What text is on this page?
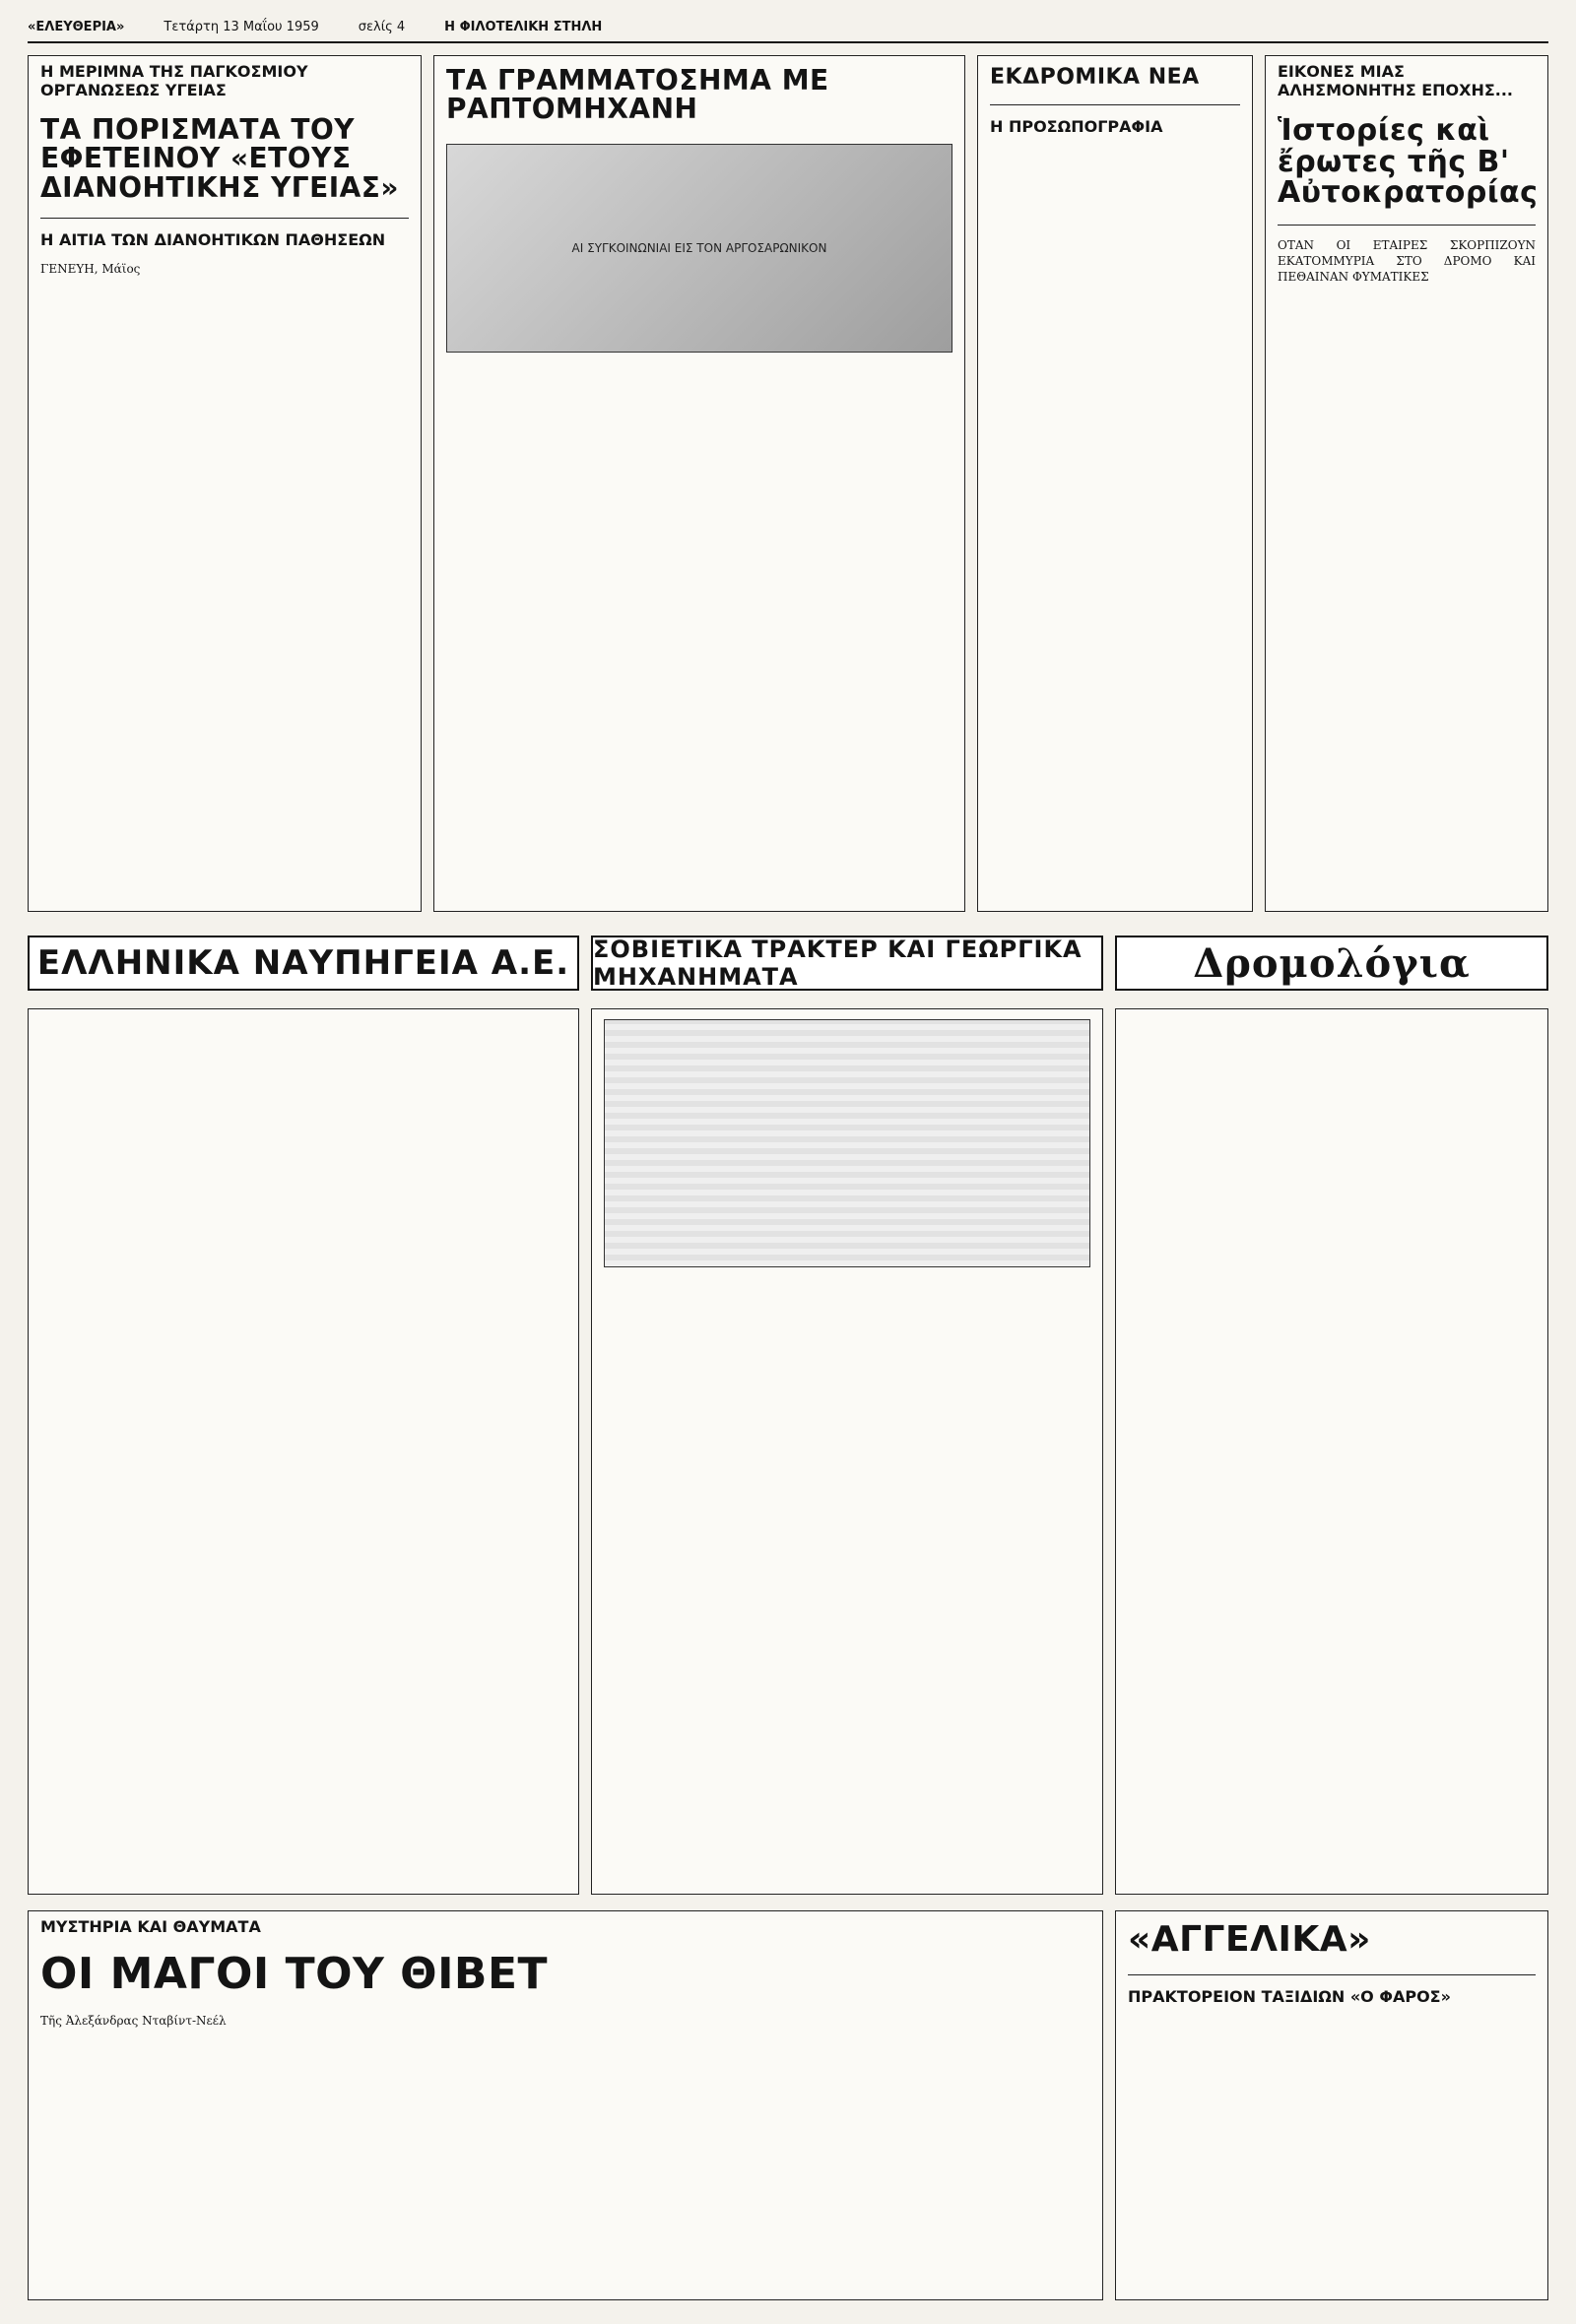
«ΕΛΕΥΘΕΡΙΑ»	Τετάρτη 13 Μαΐου 1959	σελίς 4	Η ΦΙΛΟΤΕΛΙΚΗ ΣΤΗΛΗ
Η ΜΕΡΙΜΝΑ ΤΗΣ ΠΑΓΚΟΣΜΙΟΥ ΟΡΓΑΝΩΣΕΩΣ ΥΓΕΙΑΣ
ΤΑ ΠΟΡΙΣΜΑΤΑ ΤΟΥ ΕΦΕΤΕΙΝΟΥ «ΕΤΟΥΣ ΔΙΑΝΟΗΤΙΚΗΣ ΥΓΕΙΑΣ»
Η ΑΙΤΙΑ ΤΩΝ ΔΙΑΝΟΗΤΙΚΩΝ ΠΑΘΗΣΕΩΝ

ΓΕΝΕΥΗ, Μάϊος

ΤΑ ΓΡΑΜΜΑΤΟΣΗΜΑ ΜΕ ΡΑΠΤΟΜΗΧΑΝΗ
ΑΙ ΣΥΓΚΟΙΝΩΝΙΑΙ ΕΙΣ ΤΟΝ ΑΡΓΟΣΑΡΩΝΙΚΟΝ
ΕΚΔΡΟΜΙΚΑ ΝΕΑ
Η ΠΡΟΣΩΠΟΓΡΑΦΙΑ
ΕΙΚΟΝΕΣ ΜΙΑΣ ΑΛΗΣΜΟΝΗΤΗΣ ΕΠΟΧΗΣ...
Ἱστορίες καὶ ἔρωτες τῆς Β' Αὐτοκρατορίας

ΟΤΑΝ ΟΙ ΕΤΑΙΡΕΣ ΣΚΟΡΠΙΖΟΥΝ ΕΚΑΤΟΜΜΥΡΙΑ ΣΤΟ ΔΡΟΜΟ ΚΑΙ ΠΕΘΑΙΝΑΝ ΦΥΜΑΤΙΚΕΣ

ΕΛΛΗΝΙΚΑ ΝΑΥΠΗΓΕΙΑ Α.Ε. ΣΟΒΙΕΤΙΚΑ ΤΡΑΚΤΕΡ ΚΑΙ ΓΕΩΡΓΙΚΑ ΜΗΧΑΝΗΜΑΤΑ	Δρομολόγια
ΜΥΣΤΗΡΙΑ ΚΑΙ ΘΑΥΜΑΤΑ
ΟΙ ΜΑΓΟΙ ΤΟΥ ΘΙΒΕΤ

Τῆς Ἀλεξάνδρας Νταβίντ-Νεέλ

«ΑΓΓΕΛΙΚΑ»
ΠΡΑΚΤΟΡΕΙΟΝ ΤΑΞΙΔΙΩΝ «Ο ΦΑΡΟΣ»
